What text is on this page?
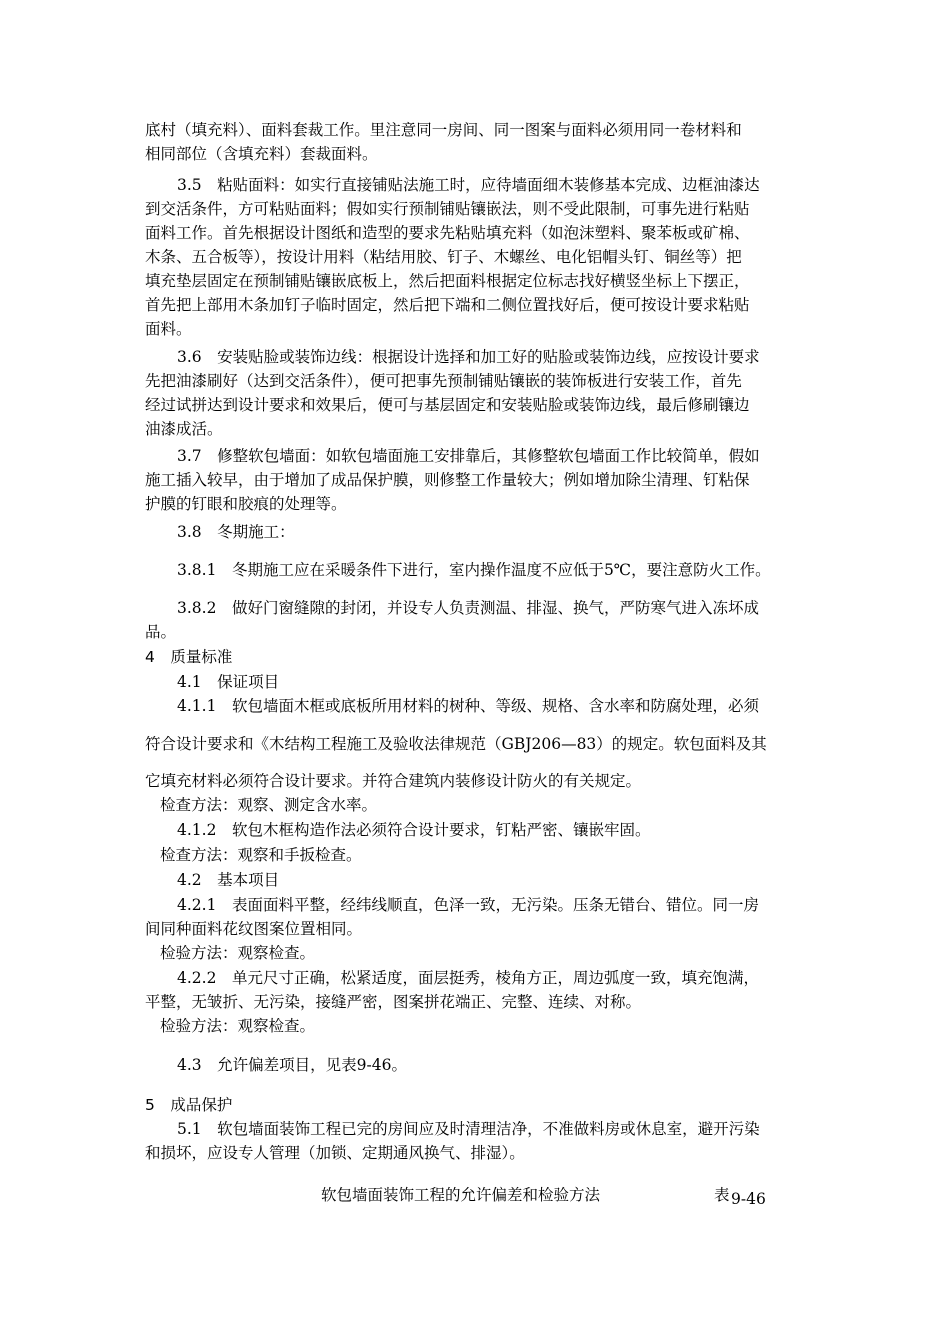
底村（填充料）、面料套裁工作。里注意同一房间、同一图案与面料必须用同一卷材料和
相同部位（含填充料）套裁面料。
3.5　粘贴面料：如实行直接铺贴法施工时，应待墙面细木装修基本完成、边框油漆达
到交活条件，方可粘贴面料；假如实行预制铺贴镶嵌法，则不受此限制，可事先进行粘贴
面料工作。首先根据设计图纸和造型的要求先粘贴填充料（如泡沫塑料、聚苯板或矿棉、
木条、五合板等），按设计用料（粘结用胶、钉子、木螺丝、电化铝帽头钉、铜丝等）把
填充垫层固定在预制铺贴镶嵌底板上，然后把面料根据定位标志找好横竖坐标上下摆正，
首先把上部用木条加钉子临时固定，然后把下端和二侧位置找好后，便可按设计要求粘贴
面料。
3.6　安装贴脸或装饰边线：根据设计选择和加工好的贴脸或装饰边线，应按设计要求
先把油漆刷好（达到交活条件），便可把事先预制铺贴镶嵌的装饰板进行安装工作，首先
经过试拼达到设计要求和效果后，便可与基层固定和安装贴脸或装饰边线，最后修刷镶边
油漆成活。
3.7　修整软包墙面：如软包墙面施工安排靠后，其修整软包墙面工作比较简单，假如
施工插入较早，由于增加了成品保护膜，则修整工作量较大；例如增加除尘清理、钉粘保
护膜的钉眼和胶痕的处理等。
3.8　冬期施工：
3.8.1　冬期施工应在采暖条件下进行，室内操作温度不应低于5℃，要注意防火工作。
3.8.2　做好门窗缝隙的封闭，并设专人负责测温、排湿、换气，严防寒气进入冻坏成
品。
4　质量标准
4.1　保证项目
4.1.1　软包墙面木框或底板所用材料的树种、等级、规格、含水率和防腐处理，必须
符合设计要求和《木结构工程施工及验收法律规范（GBJ206—83）的规定。软包面料及其
它填充材料必须符合设计要求。并符合建筑内装修设计防火的有关规定。
检查方法：观察、测定含水率。
4.1.2　软包木框构造作法必须符合设计要求，钉粘严密、镶嵌牢固。
检查方法：观察和手扳检查。
4.2　基本项目
4.2.1　表面面料平整，经纬线顺直，色泽一致，无污染。压条无错台、错位。同一房
间同种面料花纹图案位置相同。
检验方法：观察检查。
4.2.2　单元尺寸正确，松紧适度，面层挺秀，棱角方正，周边弧度一致，填充饱满，
平整，无皱折、无污染，接缝严密，图案拼花端正、完整、连续、对称。
检验方法：观察检查。
4.3　允许偏差项目，见表9-46。
5　成品保护
5.1　软包墙面装饰工程已完的房间应及时清理洁净，不准做料房或休息室，避开污染
和损坏，应设专人管理（加锁、定期通风换气、排湿）。
软包墙面装饰工程的允许偏差和检验方法	表 9-46
